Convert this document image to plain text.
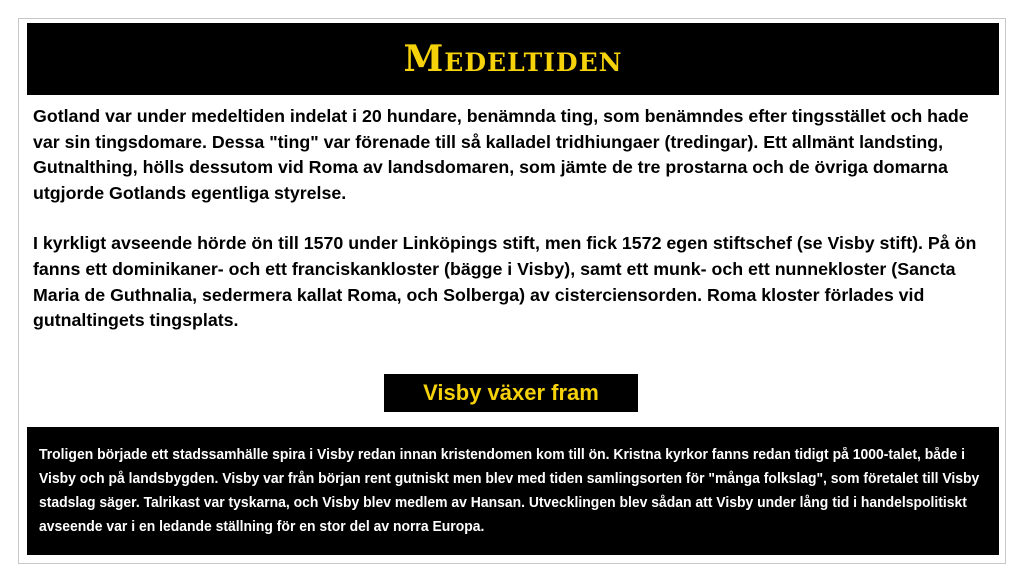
Medeltiden

Gotland var under medeltiden indelat i 20 hundare, benämnda ting, som benämndes efter tingsstället och hade var sin tingsdomare. Dessa "ting" var förenade till så kalladel tridhiungaer (tredingar). Ett allmänt landsting, Gutnalthing, hölls dessutom vid Roma av landsdomaren, som jämte de tre prostarna och de övriga domarna utgjorde Gotlands egentliga styrelse.

I kyrkligt avseende hörde ön till 1570 under Linköpings stift, men fick 1572 egen stiftschef (se Visby stift). På ön fanns ett dominikaner- och ett franciskankloster (bägge i Visby), samt ett munk- och ett nunnekloster (Sancta Maria de Guthnalia, sedermera kallat Roma, och Solberga) av cisterciensorden. Roma kloster förlades vid gutnaltingets tingsplats.

Visby växer fram

Troligen började ett stadssamhälle spira i Visby redan innan kristendomen kom till ön. Kristna kyrkor fanns redan tidigt på 1000-talet, både i Visby och på landsbygden. Visby var från början rent gutniskt men blev med tiden samlingsorten för "många folkslag", som företalet till Visby stadslag säger. Talrikast var tyskarna, och Visby blev medlem av Hansan. Utvecklingen blev sådan att Visby under lång tid i handelspolitiskt avseende var i en ledande ställning för en stor del av norra Europa.
